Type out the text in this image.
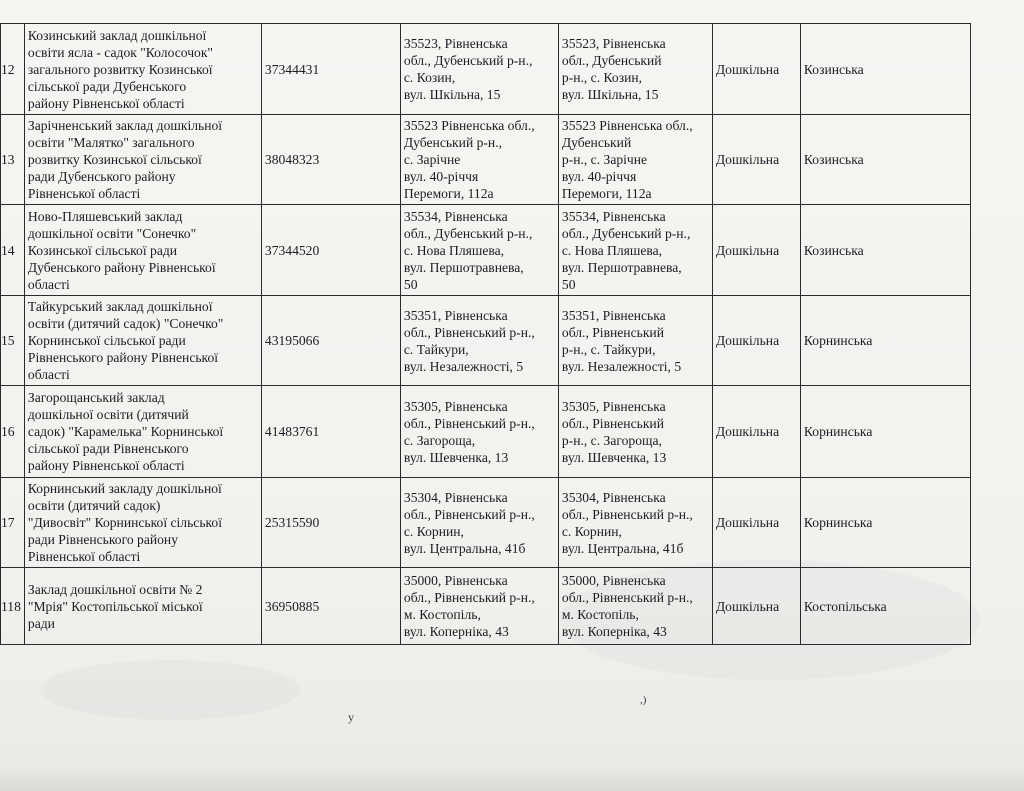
12	Козинський заклад дошкільної
освіти ясла - садок "Колосочок"
загального розвитку Козинської
сільської ради Дубенського
району Рівненської області	37344431	35523, Рівненська
обл., Дубенський р-н.,
с. Козин,
вул. Шкільна, 15	35523, Рівненська
обл., Дубенський
р-н., с. Козин,
вул. Шкільна, 15	Дошкільна	Козинська
13	Зарічненський заклад дошкільної
освіти "Малятко" загального
розвитку Козинської сільської
ради Дубенського району
Рівненської області	38048323	35523 Рівненська обл.,
Дубенський р-н.,
с. Зарічне
вул. 40-річчя
Перемоги, 112а	35523 Рівненська обл.,
Дубенський
р-н., с. Зарічне
вул. 40-річчя
Перемоги, 112а	Дошкільна	Козинська
14	Ново-Пляшевський заклад
дошкільної освіти "Сонечко"
Козинської сільської ради
Дубенського району Рівненської
області	37344520	35534, Рівненська
обл., Дубенський р-н.,
с. Нова Пляшева,
вул. Першотравнева,
50	35534, Рівненська
обл., Дубенський р-н.,
с. Нова Пляшева,
вул. Першотравнева,
50	Дошкільна	Козинська
15	Тайкурський заклад дошкільної
освіти (дитячий садок) "Сонечко"
Корнинської сільської ради
Рівненського району Рівненської
області	43195066	35351, Рівненська
обл., Рівненський р-н.,
с. Тайкури,
вул. Незалежності, 5	35351, Рівненська
обл., Рівненський
р-н., с. Тайкури,
вул. Незалежності, 5	Дошкільна	Корнинська
16	Загорощанський заклад
дошкільної освіти (дитячий
садок) "Карамелька" Корнинської
сільської ради Рівненського
району Рівненської області	41483761	35305, Рівненська
обл., Рівненський р-н.,
с. Загороща,
вул. Шевченка, 13	35305, Рівненська
обл., Рівненський
р-н., с. Загороща,
вул. Шевченка, 13	Дошкільна	Корнинська
17	Корнинський закладу дошкільної
освіти (дитячий садок)
"Дивосвіт" Корнинської сільської
ради Рівненського району
Рівненської області	25315590	35304, Рівненська
обл., Рівненський р-н.,
с. Корнин,
вул. Центральна, 41б	35304, Рівненська
обл., Рівненський р-н.,
с. Корнин,
вул. Центральна, 41б	Дошкільна	Корнинська
118	Заклад дошкільної освіти № 2
"Мрія" Костопільської міської
ради	36950885	35000, Рівненська
обл., Рівненський р-н.,
м. Костопіль,
вул. Коперніка, 43	35000, Рівненська
обл., Рівненський р-н.,
м. Костопіль,
вул. Коперніка, 43	Дошкільна	Костопільська
у
,)
